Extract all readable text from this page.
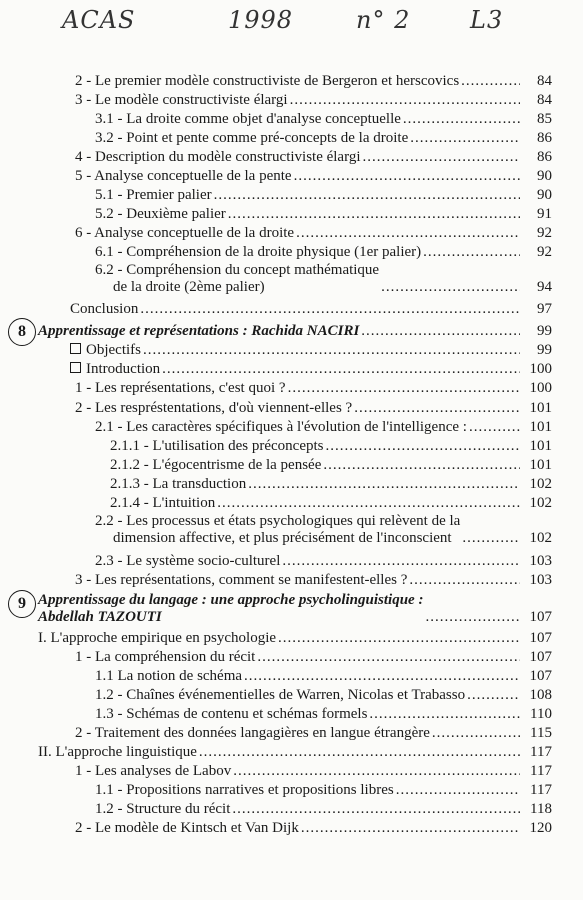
ACAS	1998	n° 2 L3
2 - Le premier modèle constructiviste de Bergeron et herscovics .....	84
3 - Le modèle constructiviste élargi .....	84
3.1 - La droite comme objet d'analyse conceptuelle .....	85
3.2 - Point et pente comme pré-concepts de la droite .....	86
4 - Description du modèle constructiviste élargi .....	86
5 - Analyse conceptuelle de la pente .....	90
5.1 - Premier palier .....	90
5.2 - Deuxième palier .....	91
6 - Analyse conceptuelle de la droite .....	92
6.1 - Compréhension de la droite physique (1er palier) .....	92
6.2 - Compréhension du concept mathématique
de la droite (2ème palier) .....	94
Conclusion .....	97
Apprentissage et représentations : Rachida NACIRI .....	99
8
Objectifs .....	99
Introduction .....	100
1 - Les représentations, c'est quoi ? .....	100
2 - Les respréstentations, d'où viennent-elles ? .....	101
2.1 - Les caractères spécifiques à l'évolution de l'intelligence : .....	101
2.1.1 - L'utilisation des préconcepts .....	101
2.1.2 - L'égocentrisme de la pensée .....	101
2.1.3 - La transduction .....	102
2.1.4 - L'intuition .....	102
2.2 - Les processus et états psychologiques qui relèvent de la
dimension affective, et plus précisément de l'inconscient .....	102
2.3 - Le système socio-culturel .....	103
3 - Les représentations, comment se manifestent-elles ? .....	103
Apprentissage du langage : une approche psycholinguistique :
Abdellah TAZOUTI .....	107
9
I. L'approche empirique en psychologie .....	107
1 - La compréhension du récit .....	107
1.1 La notion de schéma .....	107
1.2 - Chaînes événementielles de Warren, Nicolas et Trabasso .....	108
1.3 - Schémas de contenu et schémas formels .....	110
2 - Traitement des données langagières en langue étrangère .....	115
II. L'approche linguistique .....	117
1 - Les analyses de Labov .....	117
1.1 - Propositions narratives et propositions libres .....	117
1.2 - Structure du récit .....	118
2 - Le modèle de Kintsch et Van Dijk .....	120
